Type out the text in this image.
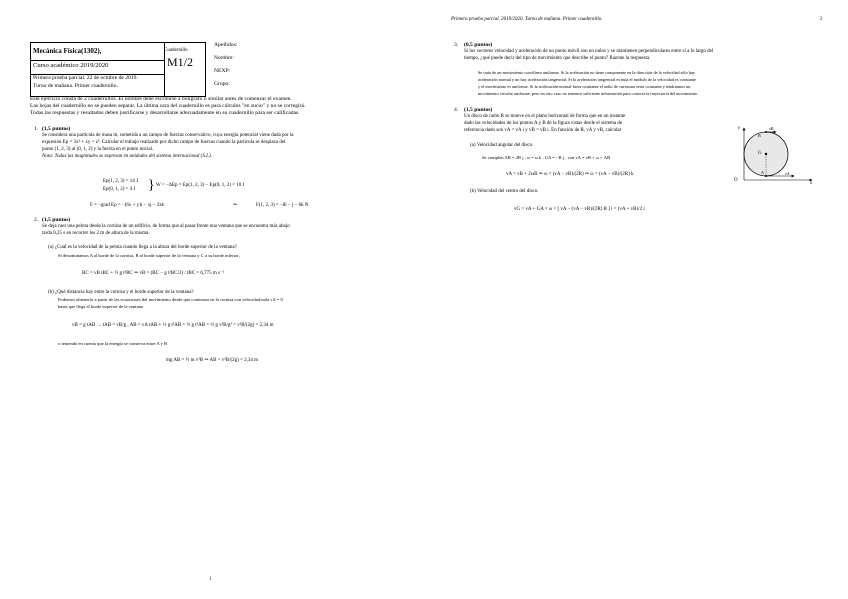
Mecánica Física(1302),
Curso académico 2019/2020
Primera prueba parcial. 22 de octubre de 2019.
Turno de mañana. Primer cuadernillo.
Cuadernillo
M1/2
Apellidos:
Nombre:
NEXP:
Grupo:
Este ejercicio consta de 2 cuadernillos. El nombre debe escribirse a bolígrafo o similar antes de comenzar el examen.
Las hojas del cuadernillo no se pueden separar. La última cara del cuadernillo es para cálculos "en sucio" y no se corregirá.
Todas las respuestas y resultados deben justificarse y desarrollarse adecuadamente en su cuadernillo para ser calificadas.
1. (1,5 puntos)
Se considera una partícula de masa m, sometida a un campo de fuerzas conservativo, cuya energía potencial viene dada por la
expresión Ep = 3x² + xy + z². Calcular el trabajo realizado por dicho campo de fuerzas cuando la partícula se desplaza del
punto (1, 2, 3) al (0, 1, 2) y la fuerza en el punto inicial.
Nota: Todas las magnitudes se expresan en unidades del sistema internacional (S.I.).
Ep(1, 2, 3) = 14 J
Ep(0, 1, 2) = 4 J } W = −ΔEp = Ep(1, 2, 3) − Ep(0, 1, 2) = 10 J
F = −grad Ep = −(6x + y)i − xj − 2zk	⇒	F(1, 2, 3) = −8i − j − 6k N
2. (1,5 puntos)
Se deja caer una pelota desde la cornisa de un edificio, de forma que al pasar frente una ventana que se encuentra más abajo
tarda 0,25 s en recorrer los 2 m de altura de la misma.
(a) ¿Cuál es la velocidad de la pelota cuando llega a la altura del borde superior de la ventana?
Si denominamos A al borde de la cornisa, B al borde superior de la ventana y C a su borde inferior,
BC = vB tBC + ½ g t²BC ⇒ vB = (BC − g t²BC/2) / tBC = 6,775 m s⁻¹
(b) ¿Qué distancia hay entre la cornisa y el borde superior de la ventana?
Podemos obtenerlo a partir de las ecuaciones del movimiento desde que comienza en la cornisa con velocidad nula vA = 0
hasta que llega al borde superior de la ventana
vB = g tAB → tAB = vB/g , AB = vA tAB + ½ g t²AB = ½ g t²AB = ½ g v²B/g² = v²B/(2g) = 2,34 m
o teniendo en cuenta que la energía se conserva entre A y B
mg AB = ½ m v²B ⇒ AB = v²B/(2g) = 2,34 m
1
Primera prueba parcial. 2019/2020. Turno de mañana. Primer cuadernillo.	2
3. (0,5 puntos)
Si los vectores velocidad y aceleración de un punto móvil son no nulos y se mantienen perpendiculares entre sí a lo largo del
tiempo, ¿qué puede decir del tipo de movimiento que describe el punto? Razone la respuesta.
Se trata de un movimiento curvilíneo uniforme. Si la aceleración no tiene componente en la dirección de la velocidad sólo hay
aceleración normal y no hay aceleración tangencial. Si la aceleración tangencial es nula el módulo de la velocidad es constante
y el movimiento es uniforme. Si la aceleración normal fuera constante el radio de curvatura sería constante y tendríamos un
movimiento circular uniforme, pero en otro caso no tenemos suficiente información para conocer la trayectoria del movimiento.
4. (1,5 puntos)
Un disco de radio R se mueve en el plano horizontal de forma que en un instante
dado las velocidades de los puntos A y B de la figura vistas desde el sistema de
referencia dado son vA = vA i y vB = vB i. En función de R, vA y vB, calcular
(a) Velocidad angular del disco.
Se cumplen AB = 2R j , ω = ω k , GA = −R j , con vA = vB + ω × AB
vA = vB + 2ωR ⇒ ω = (vA − vB)/(2R) ⇒ ω = (vA − vB)/(2R) k
(b) Velocidad del centro del disco.
vG = vA + GA × ω = [ vA − (vA − vB)/(2R) R ] i = (vA + vB)/2 i
y
x
O
G
A
B
vA
vB
